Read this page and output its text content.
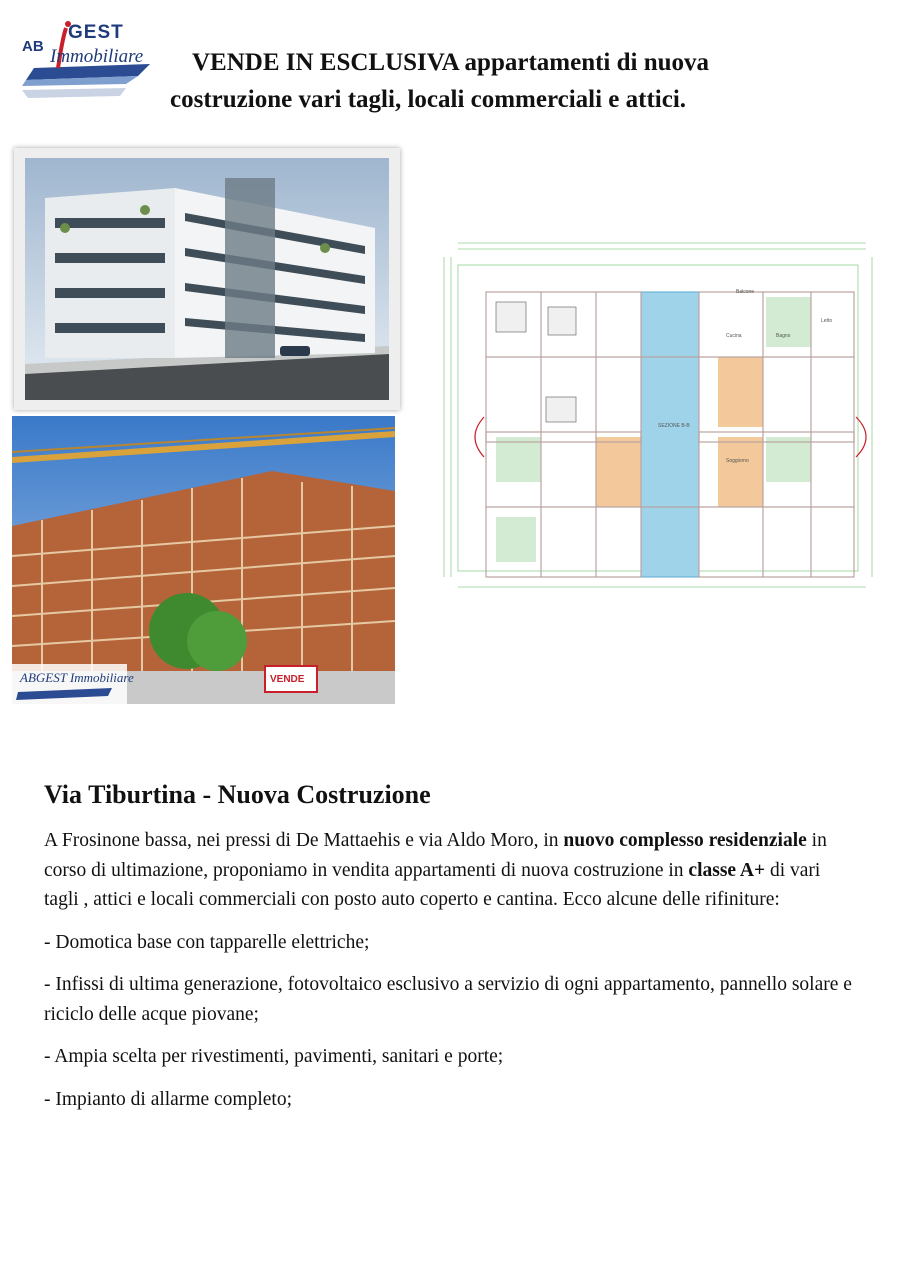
AB
GEST
Immobiliare	VENDE IN ESCLUSIVA appartamenti di nuova
costruzione vari tagli, locali commerciali e attici.
VENDE
ABGEST Immobiliare
SEZIONE B-B
Balcone
Cucina	Bagno
Letto
Soggiorno
Via Tiburtina - Nuova Costruzione

A Frosinone bassa, nei pressi di De Mattaehis e via Aldo Moro, in nuovo complesso residenziale in corso di ultimazione, proponiamo in vendita appartamenti di nuova costruzione in classe A+ di vari tagli , attici e locali commerciali con posto auto coperto e cantina. Ecco alcune delle rifiniture:

- Domotica base con tapparelle elettriche;

- Infissi di ultima generazione, fotovoltaico esclusivo a servizio di ogni appartamento, pannello solare e riciclo delle acque piovane;

- Ampia scelta per rivestimenti, pavimenti, sanitari e porte;

- Impianto di allarme completo;
